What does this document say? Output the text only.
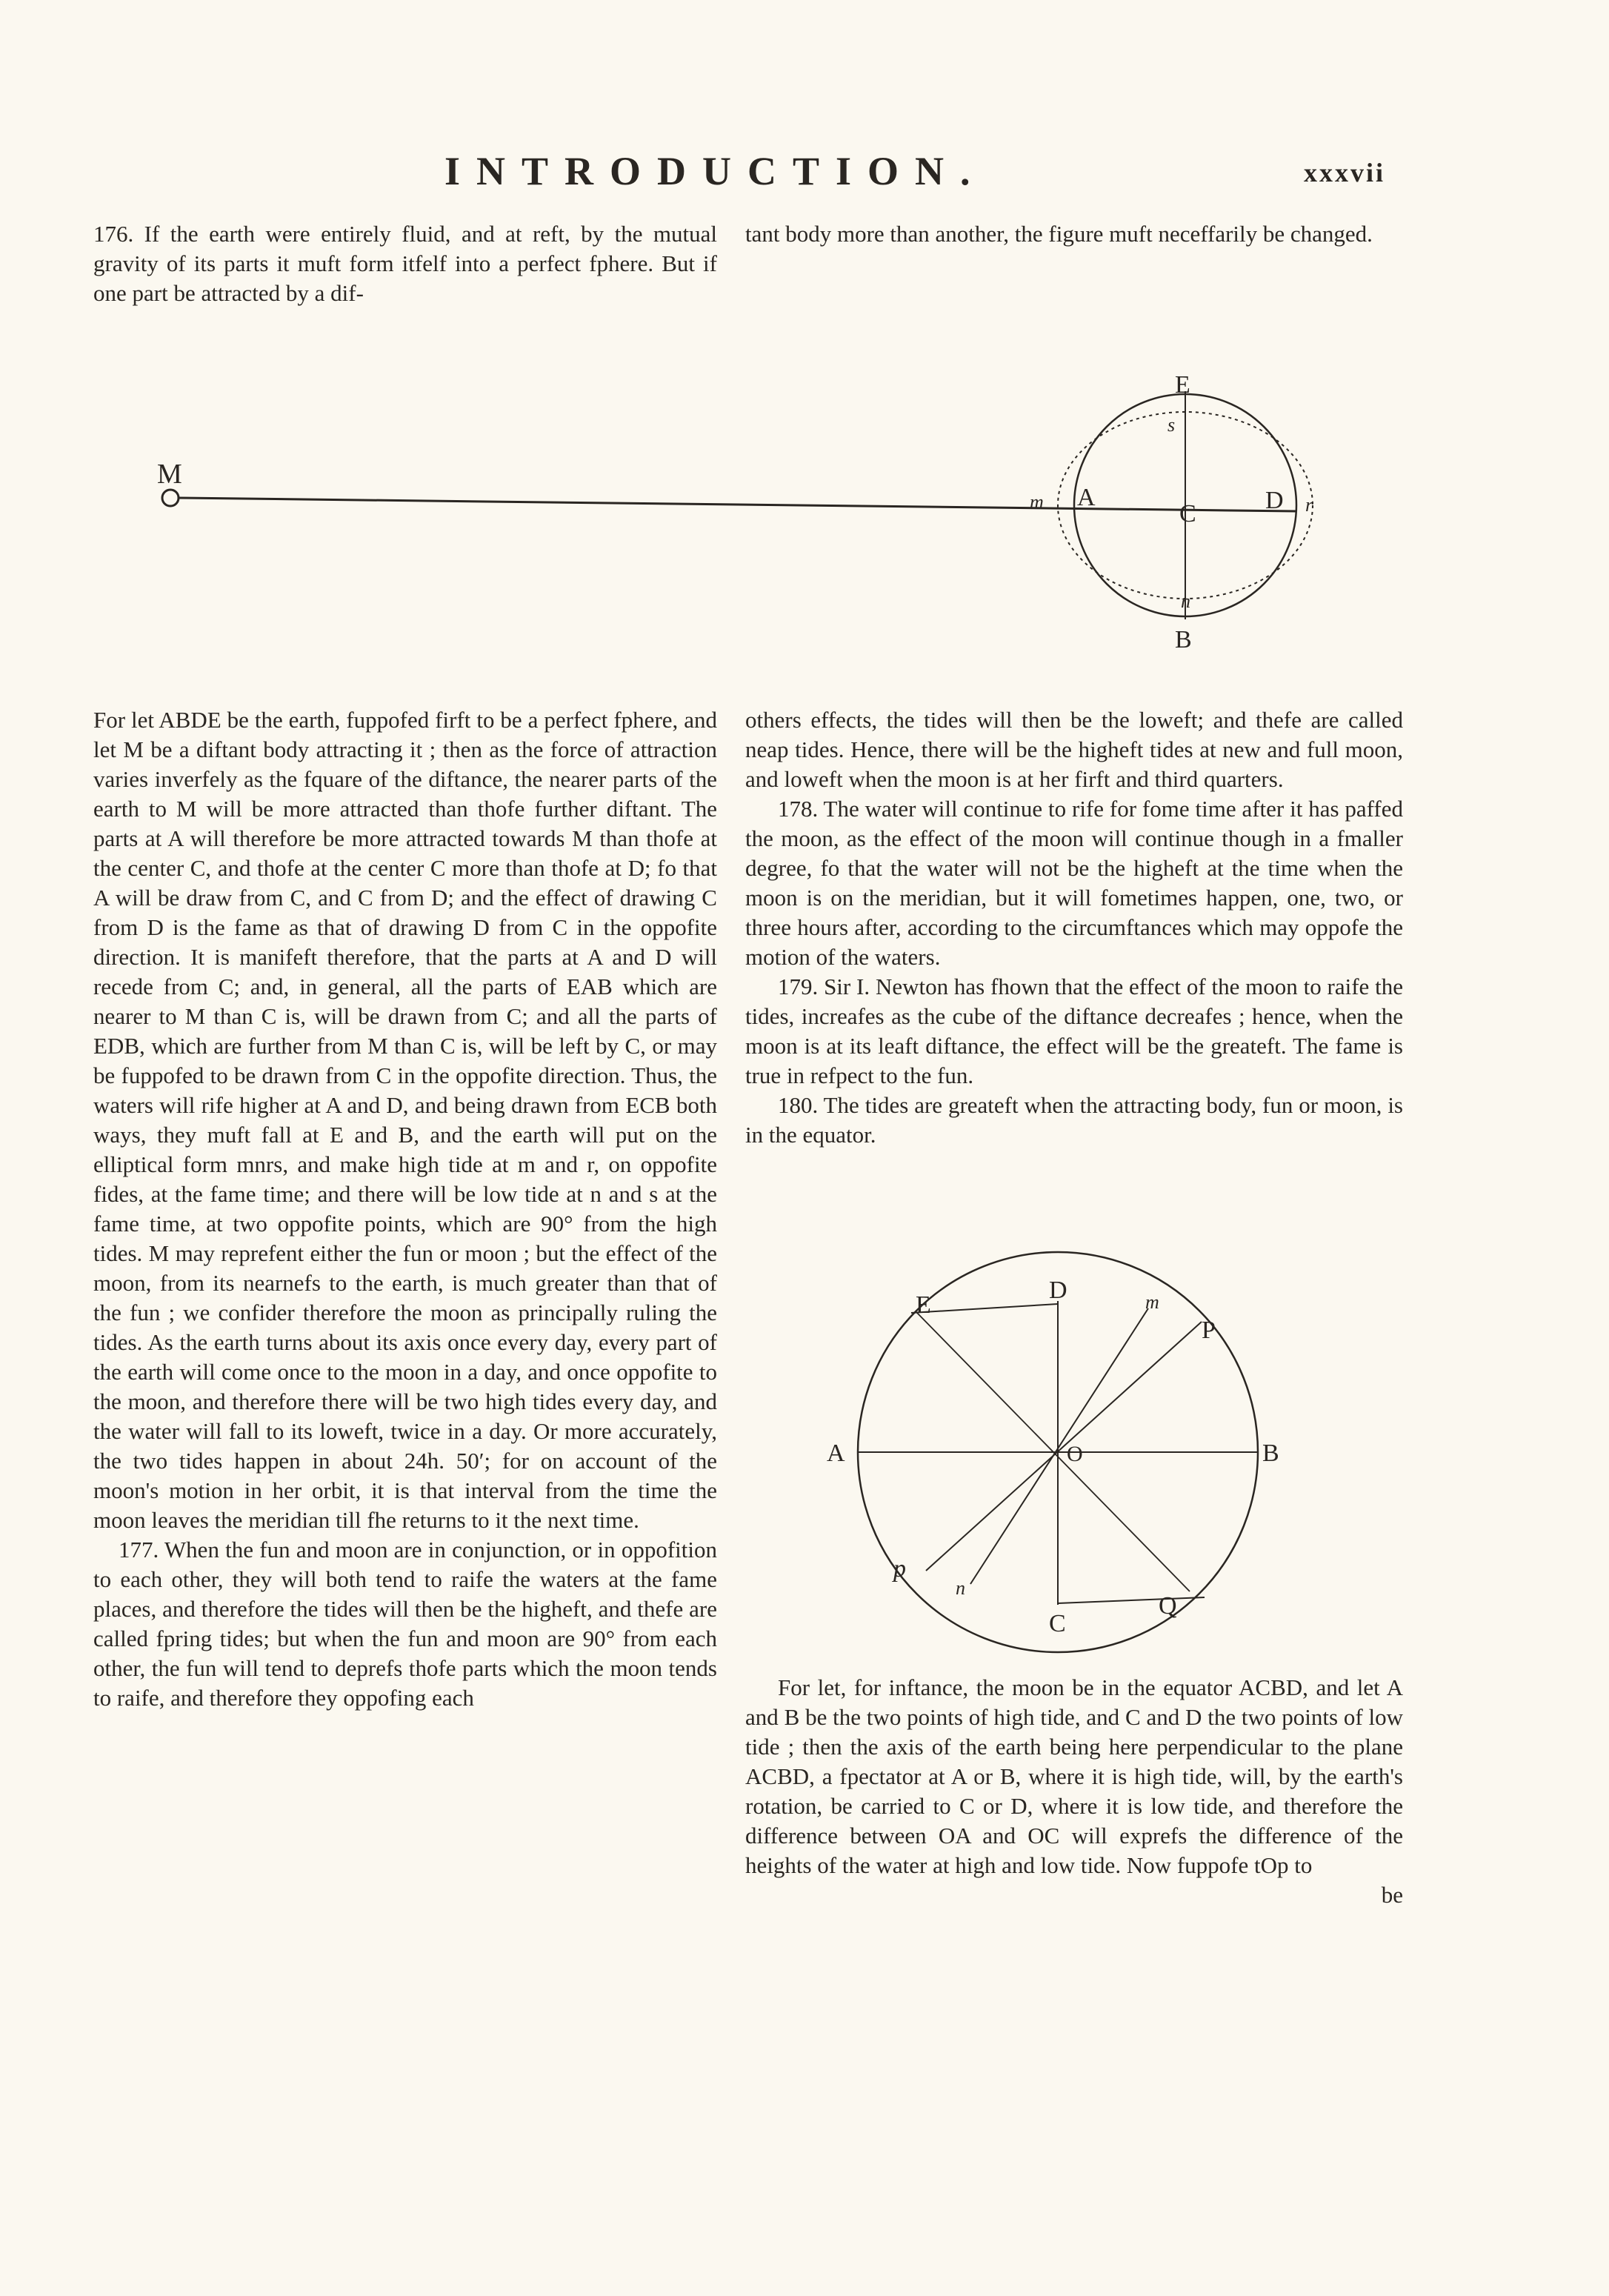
INTRODUCTION.	xxxvii

176. If the earth were entirely fluid, and at reft, by the mutual gravity of its parts it muft form itfelf into a perfect fphere. But if one part be attracted by a dif-

tant body more than another, the figure muft neceffarily be changed.

M
A
C	D
E
B
m
n
r
s

For let ABDE be the earth, fuppofed firft to be a perfect fphere, and let M be a diftant body attracting it ; then as the force of attraction varies inverfely as the fquare of the diftance, the nearer parts of the earth to M will be more attracted than thofe further diftant. The parts at A will therefore be more attracted towards M than thofe at the center C, and thofe at the center C more than thofe at D; fo that A will be draw from C, and C from D; and the effect of drawing C from D is the fame as that of drawing D from C in the oppofite direction. It is manifeft therefore, that the parts at A and D will recede from C; and, in general, all the parts of EAB which are nearer to M than C is, will be drawn from C; and all the parts of EDB, which are further from M than C is, will be left by C, or may be fuppofed to be drawn from C in the oppofite direction. Thus, the waters will rife higher at A and D, and being drawn from ECB both ways, they muft fall at E and B, and the earth will put on the elliptical form mnrs, and make high tide at m and r, on oppofite fides, at the fame time; and there will be low tide at n and s at the fame time, at two oppofite points, which are 90° from the high tides. M may reprefent either the fun or moon ; but the effect of the moon, from its nearnefs to the earth, is much greater than that of the fun ; we confider therefore the moon as principally ruling the tides. As the earth turns about its axis once every day, every part of the earth will come once to the moon in a day, and once oppofite to the moon, and therefore there will be two high tides every day, and the water will fall to its loweft, twice in a day. Or more accurately, the two tides happen in about 24h. 50′; for on account of the moon's motion in her orbit, it is that interval from the time the moon leaves the meridian till fhe returns to it the next time.

177. When the fun and moon are in conjunction, or in oppofition to each other, they will both tend to raife the waters at the fame places, and therefore the tides will then be the higheft, and thefe are called fpring tides; but when the fun and moon are 90° from each other, the fun will tend to deprefs thofe parts which the moon tends to raife, and therefore they oppofing each

others effects, the tides will then be the loweft; and thefe are called neap tides. Hence, there will be the higheft tides at new and full moon, and loweft when the moon is at her firft and third quarters.

178. The water will continue to rife for fome time after it has paffed the moon, as the effect of the moon will continue though in a fmaller degree, fo that the water will not be the higheft at the time when the moon is on the meridian, but it will fometimes happen, one, two, or three hours after, according to the circumftances which may oppofe the motion of the waters.

179. Sir I. Newton has fhown that the effect of the moon to raife the tides, increafes as the cube of the diftance decreafes ; hence, when the moon is at its leaft diftance, the effect will be the greateft. The fame is true in refpect to the fun.

180. The tides are greateft when the attracting body, fun or moon, is in the equator.

E
D	m
P
A	O	B
p
n
Q
C

For let, for inftance, the moon be in the equator ACBD, and let A and B be the two points of high tide, and C and D the two points of low tide ; then the axis of the earth being here perpendicular to the plane ACBD, a fpectator at A or B, where it is high tide, will, by the earth's rotation, be carried to C or D, where it is low tide, and therefore the difference between OA and OC will exprefs the difference of the heights of the water at high and low tide. Now fuppofe tOp to

be
